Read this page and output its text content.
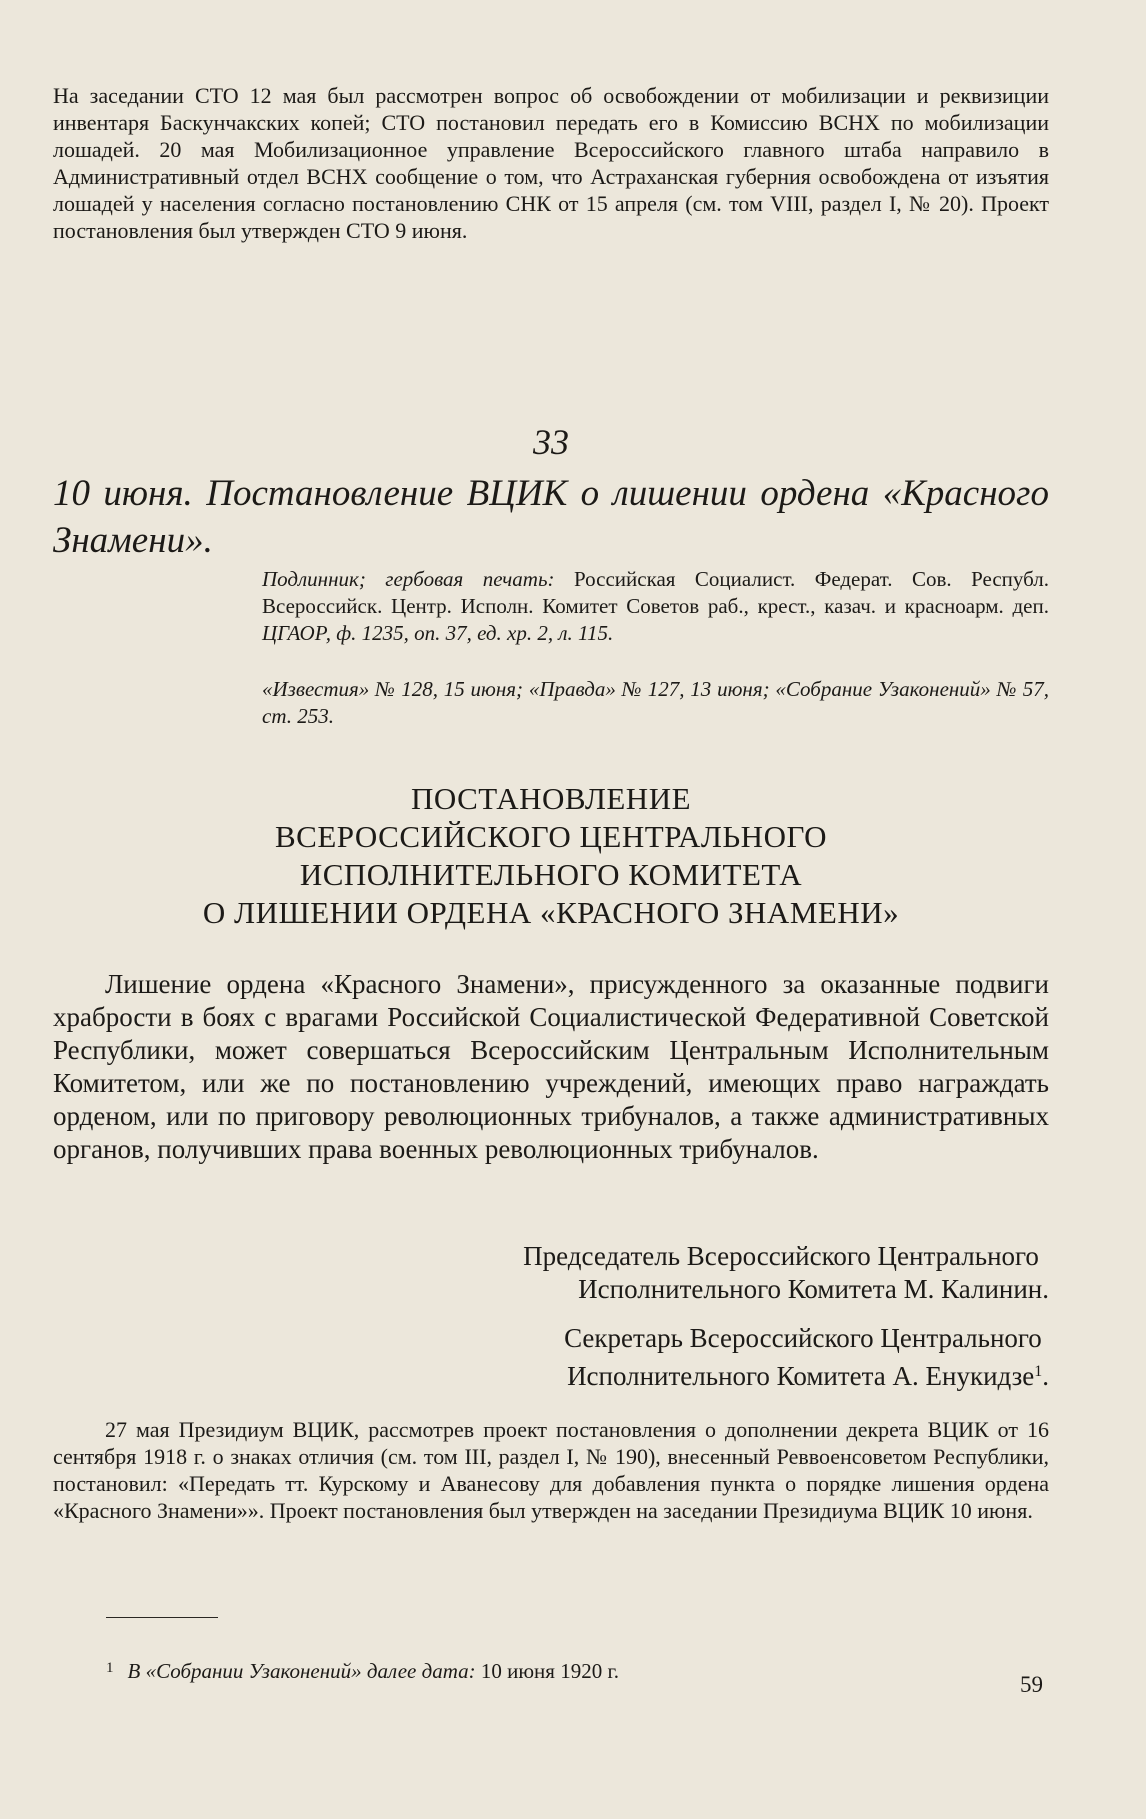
На заседании СТО 12 мая был рассмотрен вопрос об освобождении от мобилизации и реквизиции инвентаря Баскунчакских копей; СТО постановил передать его в Комиссию ВСНХ по мобилизации лошадей. 20 мая Мобилизационное управление Всероссийского главного штаба направило в Административный отдел ВСНХ сообщение о том, что Астраханская губерния освобождена от изъятия лошадей у населения согласно постановлению СНК от 15 апреля (см. том VIII, раздел I, № 20). Проект постановления был утвержден СТО 9 июня.

33

10 июня. Постановление ВЦИК о лишении ордена «Красного Знамени».

Подлинник; гербовая печать: Российская Социалист. Федерат. Сов. Республ. Всероссийск. Центр. Исполн. Комитет Советов раб., крест., казач. и красноарм. деп. ЦГАОР, ф. 1235, оп. 37, ед. хр. 2, л. 115.

«Известия» № 128, 15 июня; «Правда» № 127, 13 июня; «Собрание Узаконений» № 57, ст. 253.

ПОСТАНОВЛЕНИЕ
ВСЕРОССИЙСКОГО ЦЕНТРАЛЬНОГО
ИСПОЛНИТЕЛЬНОГО КОМИТЕТА
О ЛИШЕНИИ ОРДЕНА «КРАСНОГО ЗНАМЕНИ»

Лишение ордена «Красного Знамени», присужденного за оказанные подвиги храбрости в боях с врагами Российской Социалистической Федеративной Советской Республики, может совершаться Всероссийским Центральным Исполнительным Комитетом, или же по постановлению учреждений, имеющих право награждать орденом, или по приговору революционных трибуналов, а также административных органов, получивших права военных революционных трибуналов.

Председатель Всероссийского Центрального
Исполнительного Комитета М. Калинин.
Секретарь Всероссийского Центрального
Исполнительного Комитета А. Енукидзе$^1$.

27 мая Президиум ВЦИК, рассмотрев проект постановления о дополнении декрета ВЦИК от 16 сентября 1918 г. о знаках отличия (см. том III, раздел I, № 190), внесенный Реввоенсоветом Республики, постановил: «Передать тт. Курскому и Аванесову для добавления пункта о порядке лишения ордена «Красного Знамени»». Проект постановления был утвержден на заседании Президиума ВЦИК 10 июня.

$^1$ В «Собрании Узаконений» далее дата: 10 июня 1920 г.
59
